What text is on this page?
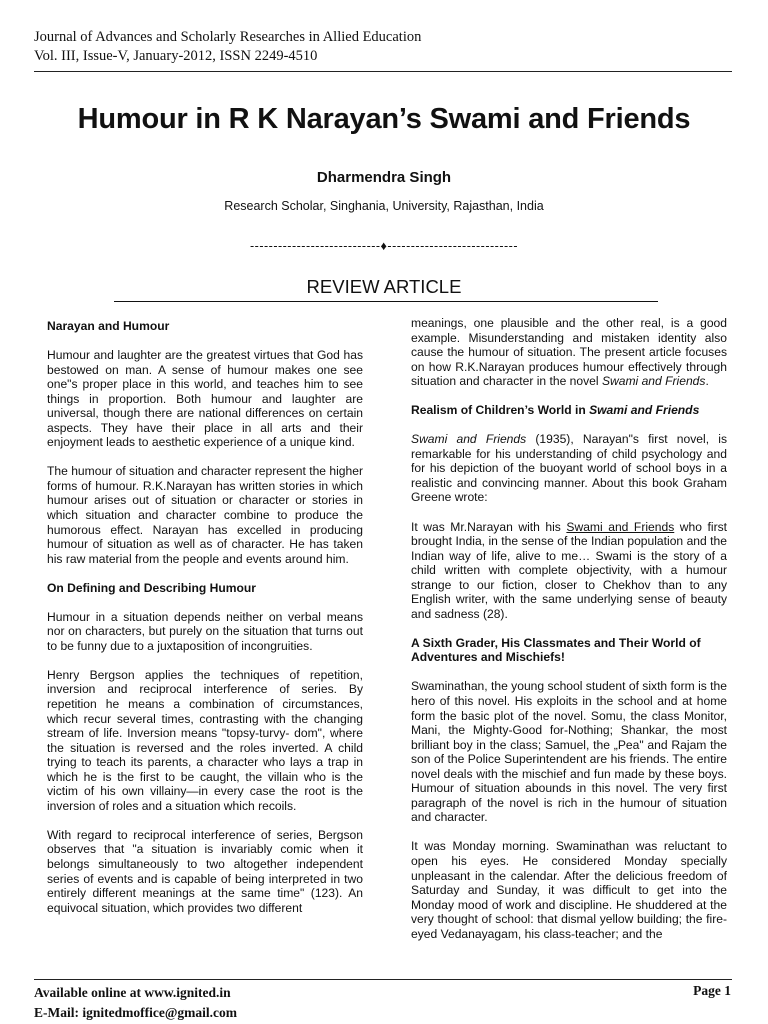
Journal of Advances and Scholarly Researches in Allied Education
Vol. III, Issue-V, January-2012, ISSN 2249-4510
Humour in R K Narayan’s Swami and Friends
Dharmendra Singh
Research Scholar, Singhania, University, Rajasthan, India
----------------------------♦----------------------------
REVIEW ARTICLE
Narayan and Humour

Humour and laughter are the greatest virtues that God has bestowed on man. A sense of humour makes one see one"s proper place in this world, and teaches him to see things in proportion. Both humour and laughter are universal, though there are national differences on certain aspects. They have their place in all arts and their enjoyment leads to aesthetic experience of a unique kind.

The humour of situation and character represent the higher forms of humour. R.K.Narayan has written stories in which humour arises out of situation or character or stories in which situation and character combine to produce the humorous effect. Narayan has excelled in producing humour of situation as well as of character. He has taken his raw material from the people and events around him.

On Defining and Describing Humour

Humour in a situation depends neither on verbal means nor on characters, but purely on the situation that turns out to be funny due to a juxtaposition of incongruities.

Henry Bergson applies the techniques of repetition, inversion and reciprocal interference of series. By repetition he means a combination of circumstances, which recur several times, contrasting with the changing stream of life. Inversion means "topsy-turvy- dom", where the situation is reversed and the roles inverted. A child trying to teach its parents, a character who lays a trap in which he is the first to be caught, the villain who is the victim of his own villainy—in every case the root is the inversion of roles and a situation which recoils.

With regard to reciprocal interference of series, Bergson observes that "a situation is invariably comic when it belongs simultaneously to two altogether independent series of events and is capable of being interpreted in two entirely different meanings at the same time" (123). An equivocal situation, which provides two different

meanings, one plausible and the other real, is a good example. Misunderstanding and mistaken identity also cause the humour of situation. The present article focuses on how R.K.Narayan produces humour effectively through situation and character in the novel Swami and Friends.

Realism of Children’s World in Swami and Friends

Swami and Friends (1935), Narayan"s first novel, is remarkable for his understanding of child psychology and for his depiction of the buoyant world of school boys in a realistic and convincing manner. About this book Graham Greene wrote:

It was Mr.Narayan with his Swami and Friends who first brought India, in the sense of the Indian population and the Indian way of life, alive to me… Swami is the story of a child written with complete objectivity, with a humour strange to our fiction, closer to Chekhov than to any English writer, with the same underlying sense of beauty and sadness (28).

A Sixth Grader, His Classmates and Their World of Adventures and Mischiefs!

Swaminathan, the young school student of sixth form is the hero of this novel. His exploits in the school and at home form the basic plot of the novel. Somu, the class Monitor, Mani, the Mighty-Good for-Nothing; Shankar, the most brilliant boy in the class; Samuel, the „Pea" and Rajam the son of the Police Superintendent are his friends. The entire novel deals with the mischief and fun made by these boys. Humour of situation abounds in this novel. The very first paragraph of the novel is rich in the humour of situation and character.

It was Monday morning. Swaminathan was reluctant to open his eyes. He considered Monday specially unpleasant in the calendar. After the delicious freedom of Saturday and Sunday, it was difficult to get into the Monday mood of work and discipline. He shuddered at the very thought of school: that dismal yellow building; the fire- eyed Vedanayagam, his class-teacher; and the

Available online at www.ignited.in
E-Mail: ignitedmoffice@gmail.com
Page 1
